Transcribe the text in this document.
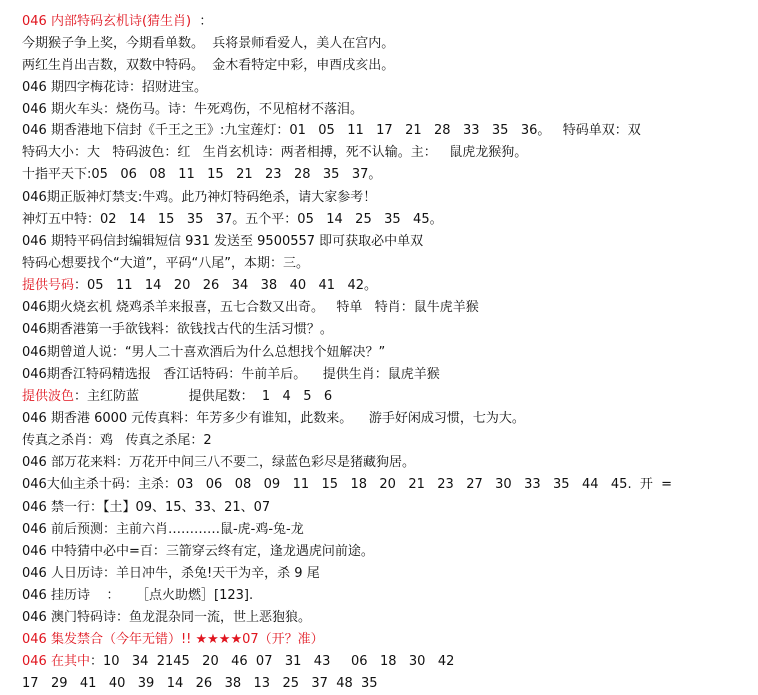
046 内部特码玄机诗(猜生肖)  ：
今期猴子争上奖，今期看单数。  兵将景师看爱人，美人在宫内。
两红生肖出吉数，双数中特码。  金木看特定中彩，申酉戌亥出。
046 期四字梅花诗：招财进宝。
046 期火车头：烧伤马。诗：牛死鸡伤，不见棺材不落泪。
046 期香港地下信封《千王之王》:九宝莲灯：01   05   11   17   21   28   33   35   36。   特码单双：双
特码大小：大   特码波色：红   生肖玄机诗：两者相搏，死不认输。主：   鼠虎龙猴狗。
十指平天下:05   06   08   11   15   21   23   28   35   37。
046期正版神灯禁支:牛鸡。此乃神灯特码绝杀，请大家参考！
神灯五中特：02   14   15   35   37。五个平：05   14   25   35   45。
046 期特平码信封编辑短信 931 发送至 9500557 即可获取必中单双
特码心想要找个“大道”，平码“八尾”，本期：三。
提供号码：05   11   14   20   26   34   38   40   41   42。
046期火烧玄机 烧鸡杀羊来报喜，五七合数又出奇。   特单   特肖：鼠牛虎羊猴
046期香港第一手欲钱料：欲钱找古代的生活习惯？。
046期曾道人说：“男人二十喜欢酒后为什么总想找个妞解决？”
046期香江特码精选报   香江话特码：牛前羊后。    提供生肖：鼠虎羊猴
提供波色：主红防蓝            提供尾数：  1   4   5   6
046 期香港 6000 元传真料：年芳多少有谁知，此数来。    游手好闲成习惯，七为大。
传真之杀肖：鸡   传真之杀尾：2
046 部万花来料：万花开中间三八不要二，绿蓝色彩尽是猪藏狗居。
046大仙主杀十码：主杀：03   06   08   09   11   15   18   20   21   23   27   30   33   35   44   45.  开  =
046 禁一行：【土】09、15、33、21、07
046 前后预测：主前六肖…………鼠-虎-鸡-兔-龙
046 中特猜中必中=百：三箭穿云终有定，逢龙遇虎问前途。
046 人日历诗：羊日冲牛，杀兔!天干为辛，杀 9 尾
046 挂历诗    ：    ［点火助燃］[123].
046 澳门特码诗：鱼龙混杂同一流，世上恶狍狼。
046 集发禁合（今年无错）!! ★★★★07（开？准）
046 在其中：10   34  2145   20   46  07   31   43     06   18   30   42
17   29   41   40   39   14   26   38   13   25   37  48  35
